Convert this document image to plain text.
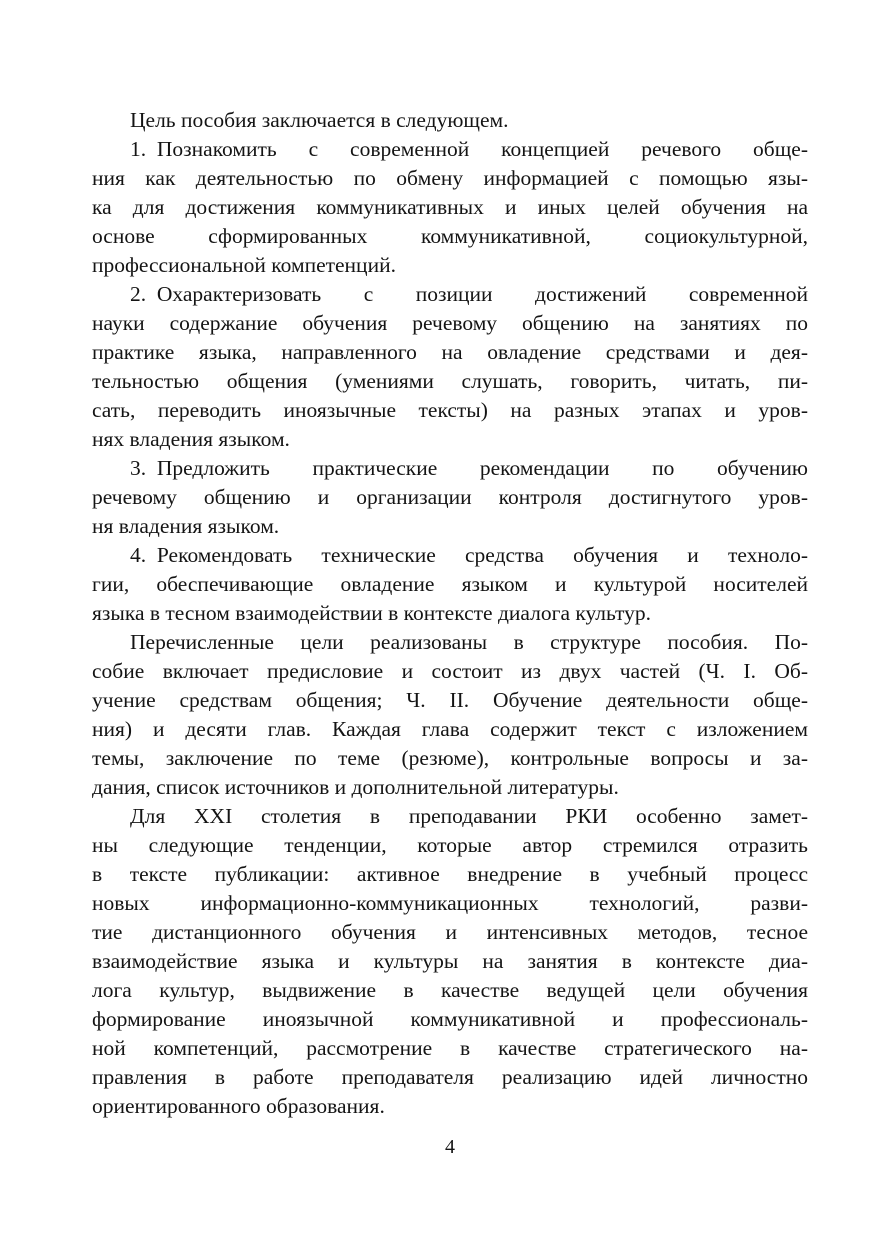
Цель пособия заключается в следующем.
1. Познакомить с современной концепцией речевого обще-
ния как деятельностью по обмену информацией с помощью язы-
ка для достижения коммуникативных и иных целей обучения на
основе сформированных коммуникативной, социокультурной,
профессиональной компетенций.
2. Охарактеризовать с позиции достижений современной
науки содержание обучения речевому общению на занятиях по
практике языка, направленного на овладение средствами и дея-
тельностью общения (умениями слушать, говорить, читать, пи-
сать, переводить иноязычные тексты) на разных этапах и уров-
нях владения языком.
3. Предложить практические рекомендации по обучению
речевому общению и организации контроля достигнутого уров-
ня владения языком.
4. Рекомендовать технические средства обучения и техноло-
гии, обеспечивающие овладение языком и культурой носителей
языка в тесном взаимодействии в контексте диалога культур.
Перечисленные цели реализованы в структуре пособия. По-
собие включает предисловие и состоит из двух частей (Ч. I. Об-
учение средствам общения; Ч. II. Обучение деятельности обще-
ния) и десяти глав. Каждая глава содержит текст с изложением
темы, заключение по теме (резюме), контрольные вопросы и за-
дания, список источников и дополнительной литературы.
Для XXI столетия в преподавании РКИ особенно замет-
ны следующие тенденции, которые автор стремился отразить
в тексте публикации: активное внедрение в учебный процесс
новых информационно-коммуникационных технологий, разви-
тие дистанционного обучения и интенсивных методов, тесное
взаимодействие языка и культуры на занятия в контексте диа-
лога культур, выдвижение в качестве ведущей цели обучения
формирование иноязычной коммуникативной и профессиональ-
ной компетенций, рассмотрение в качестве стратегического на-
правления в работе преподавателя реализацию идей личностно
ориентированного образования.
4
